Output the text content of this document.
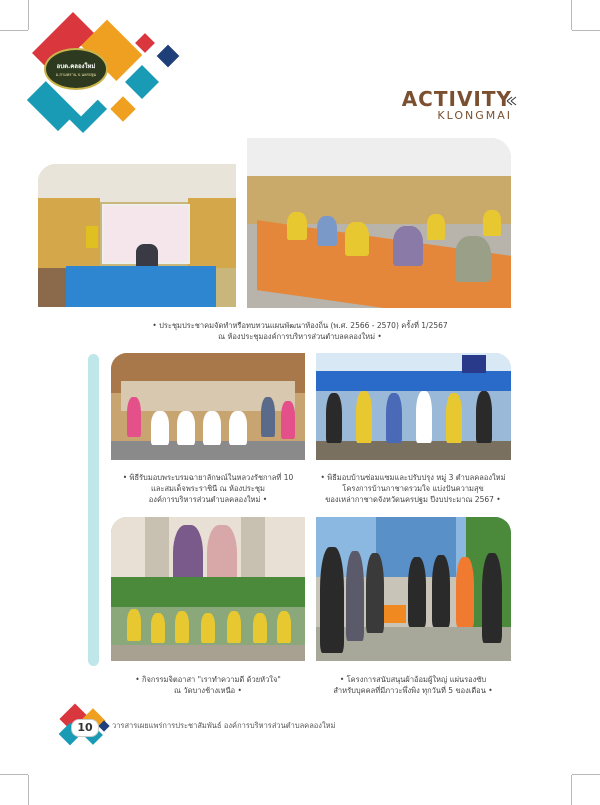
อบต.คลองใหม่
อ.สามพราน จ.นครปฐม
ACTIVITY
KLONGMAI
• ประชุมประชาคมจัดทำหรือทบทวนแผนพัฒนาท้องถิ่น (พ.ศ. 2566 - 2570) ครั้งที่ 1/2567
ณ ห้องประชุมองค์การบริหารส่วนตำบลคลองใหม่ •
• พิธีรับมอบพระบรมฉายาลักษณ์ในหลวงรัชกาลที่ 10
และสมเด็จพระราชินี ณ ห้องประชุม
องค์การบริหารส่วนตำบลคลองใหม่ •
• พิธีมอบบ้านซ่อมแซมและปรับปรุง หมู่ 3 ตำบลคลองใหม่
โครงการบ้านกาชาดรวมใจ แบ่งปันความสุข
ของเหล่ากาชาดจังหวัดนครปฐม ปีงบประมาณ 2567 •
• กิจกรรมจิตอาสา "เราทำความดี ด้วยหัวใจ"
ณ วัดบางช้างเหนือ •
• โครงการสนับสนุนผ้าอ้อมผู้ใหญ่ แผ่นรองซับ
สำหรับบุคคลที่มีภาวะพึ่งพิง ทุกวันที่ 5 ของเดือน •
10	วารสารเผยแพร่การประชาสัมพันธ์ องค์การบริหารส่วนตำบลคลองใหม่
